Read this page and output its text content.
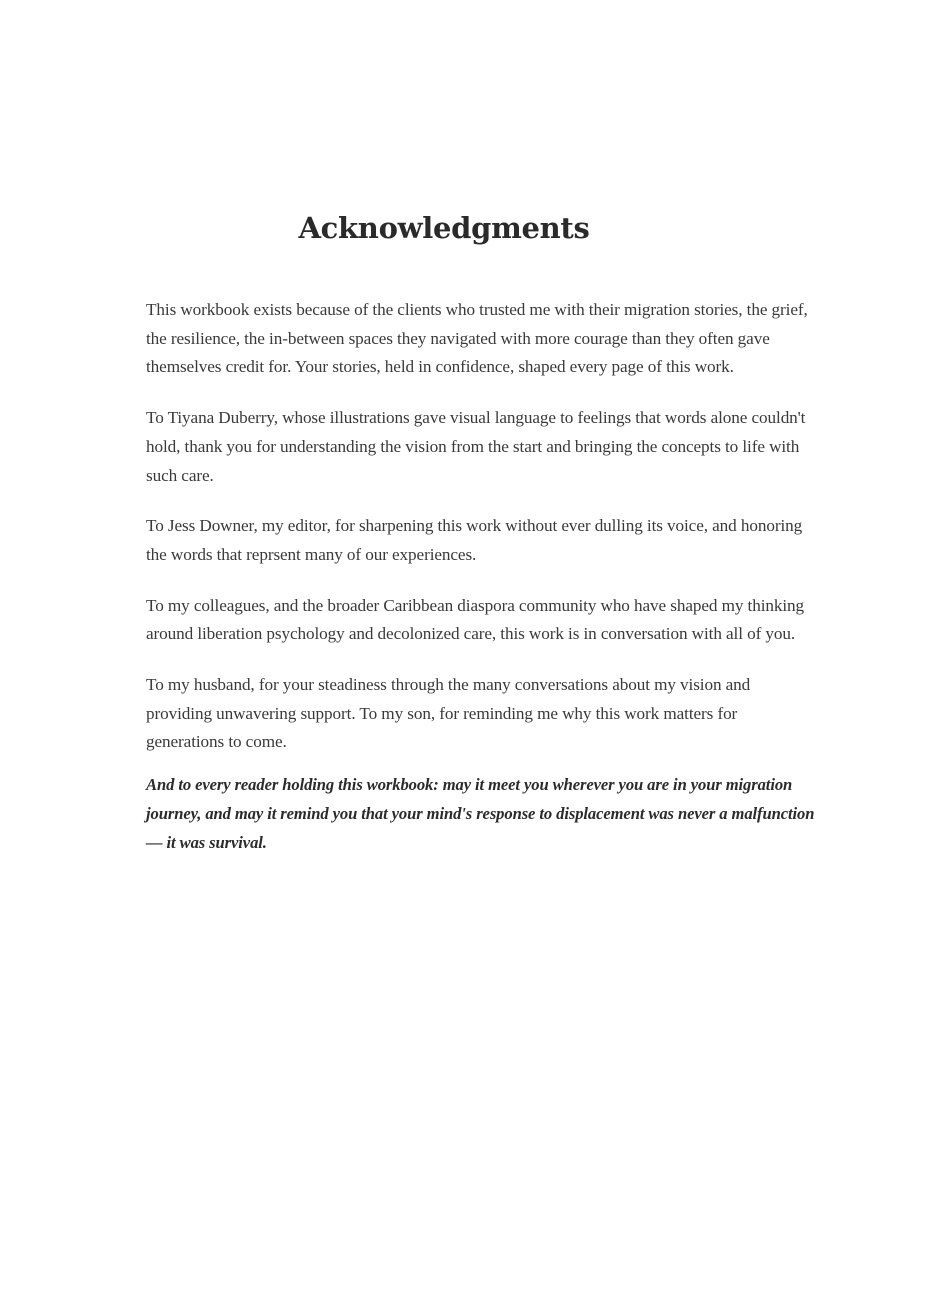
Acknowledgments

This workbook exists because of the clients who trusted me with their migration stories, the grief, the resilience, the in-between spaces they navigated with more courage than they often gave themselves credit for. Your stories, held in confidence, shaped every page of this work.

To Tiyana Duberry, whose illustrations gave visual language to feelings that words alone couldn't hold, thank you for understanding the vision from the start and bringing the concepts to life with such care.

To Jess Downer, my editor, for sharpening this work without ever dulling its voice, and honoring the words that reprsent many of our experiences.

To my colleagues, and the broader Caribbean diaspora community who have shaped my thinking around liberation psychology and decolonized care, this work is in conversation with all of you.

To my husband, for your steadiness through the many conversations about my vision and providing unwavering support. To my son, for reminding me why this work matters for generations to come.

And to every reader holding this workbook: may it meet you wherever you are in your migration journey, and may it remind you that your mind's response to displacement was never a malfunction — it was survival.
